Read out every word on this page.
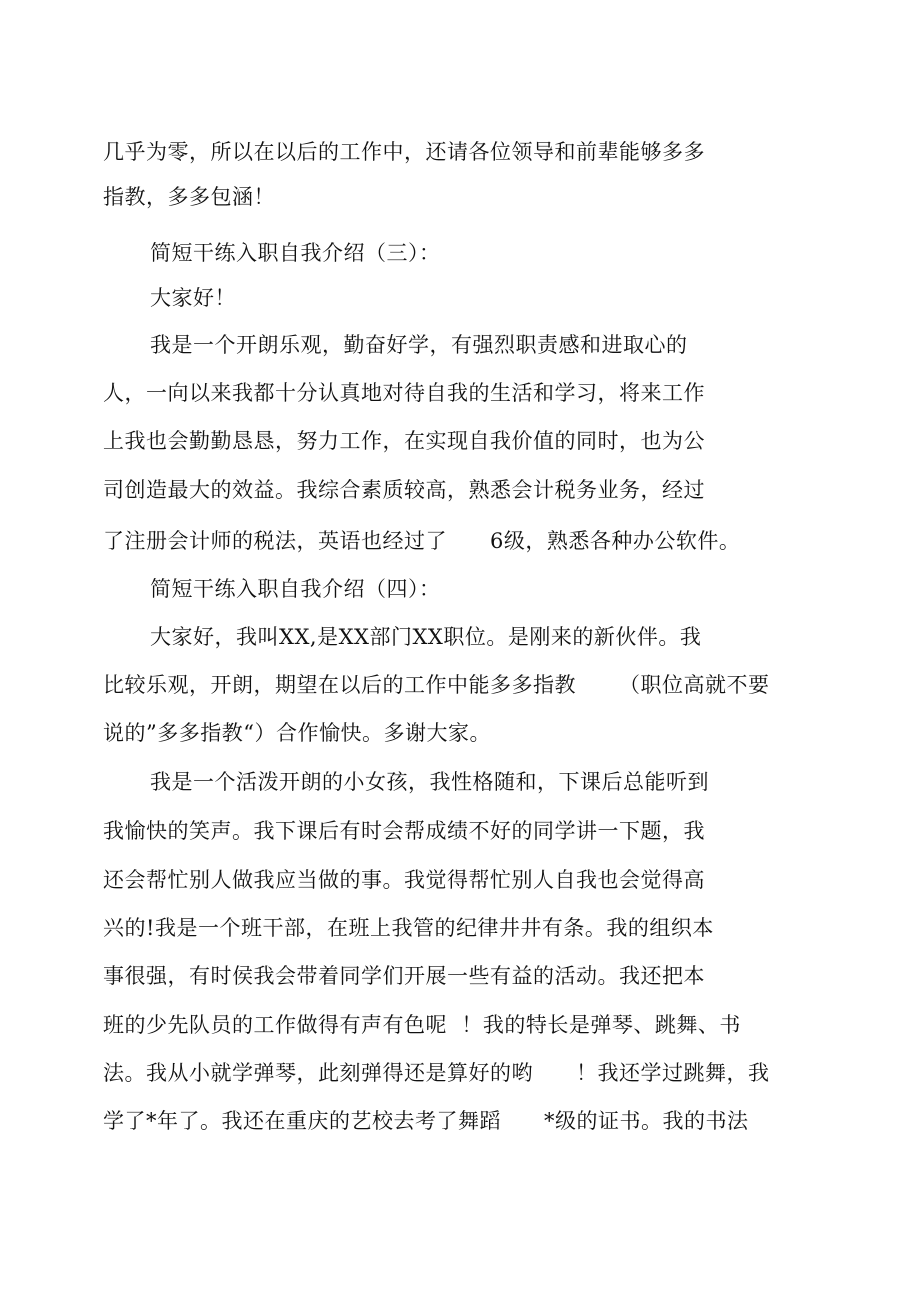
几乎为零，所以在以后的工作中，还请各位领导和前辈能够多多
指教，多多包涵！
简短干练入职自我介绍（三）：
大家好！
我是一个开朗乐观，勤奋好学，有强烈职责感和进取心的
人，一向以来我都十分认真地对待自我的生活和学习，将来工作
上我也会勤勤恳恳，努力工作，在实现自我价值的同时，也为公
司创造最大的效益。我综合素质较高，熟悉会计税务业务，经过
了注册会计师的税法，英语也经过了      6级，熟悉各种办公软件。
简短干练入职自我介绍（四）：
大家好，我叫XX,是XX部门XX职位。是刚来的新伙伴。我
比较乐观，开朗，期望在以后的工作中能多多指教      （职位高就不要
说的”多多指教“）合作愉快。多谢大家。
我是一个活泼开朗的小女孩，我性格随和，下课后总能听到
我愉快的笑声。我下课后有时会帮成绩不好的同学讲一下题，我
还会帮忙别人做我应当做的事。我觉得帮忙别人自我也会觉得高
兴的!我是一个班干部，在班上我管的纪律井井有条。我的组织本
事很强，有时侯我会带着同学们开展一些有益的活动。我还把本
班的少先队员的工作做得有声有色呢  ！我的特长是弹琴、跳舞、书
法。我从小就学弹琴，此刻弹得还是算好的哟      ！我还学过跳舞，我
学了*年了。我还在重庆的艺校去考了舞蹈      *级的证书。我的书法
